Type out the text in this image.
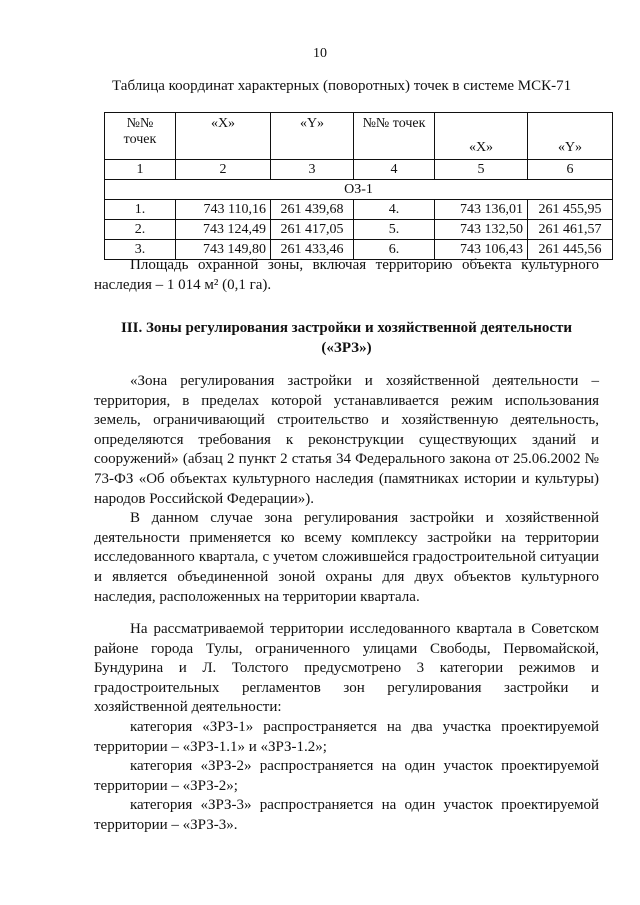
10
Таблица координат характерных (поворотных) точек в системе МСК-71
№№ точек	«X»	«Y»	№№ точек	«X»	«Y»
1	2	3	4	5	6
ОЗ-1					
1.	743 110,16	261 439,68	4.	743 136,01	261 455,95
2.	743 124,49	261 417,05	5.	743 132,50	261 461,57
3.	743 149,80	261 433,46	6.	743 106,43	261 445,56

Площадь охранной зоны, включая территорию объекта культурного наследия – 1 014 м² (0,1 га).

III. Зоны регулирования застройки и хозяйственной деятельности
(«ЗРЗ»)

«Зона регулирования застройки и хозяйственной деятельности – территория, в пределах которой устанавливается режим использования земель, ограничивающий строительство и хозяйственную деятельность, определяются требования к реконструкции существующих зданий и сооружений» (абзац 2 пункт 2 статья 34 Федерального закона от 25.06.2002 № 73-ФЗ «Об объектах культурного наследия (памятниках истории и культуры) народов Российской Федерации»).

В данном случае зона регулирования застройки и хозяйственной деятельности применяется ко всему комплексу застройки на территории исследованного квартала, с учетом сложившейся градостроительной ситуации и является объединенной зоной охраны для двух объектов культурного наследия, расположенных на территории квартала.

На рассматриваемой территории исследованного квартала в Советском районе города Тулы, ограниченного улицами Свободы, Первомайской, Бундурина и Л. Толстого предусмотрено 3 категории режимов и градостроительных регламентов зон регулирования застройки и хозяйственной деятельности:

категория «ЗРЗ-1» распространяется на два участка проектируемой территории – «ЗРЗ-1.1» и «ЗРЗ-1.2»;

категория «ЗРЗ-2» распространяется на один участок проектируемой территории – «ЗРЗ-2»;

категория «ЗРЗ-3» распространяется на один участок проектируемой территории – «ЗРЗ-3».
